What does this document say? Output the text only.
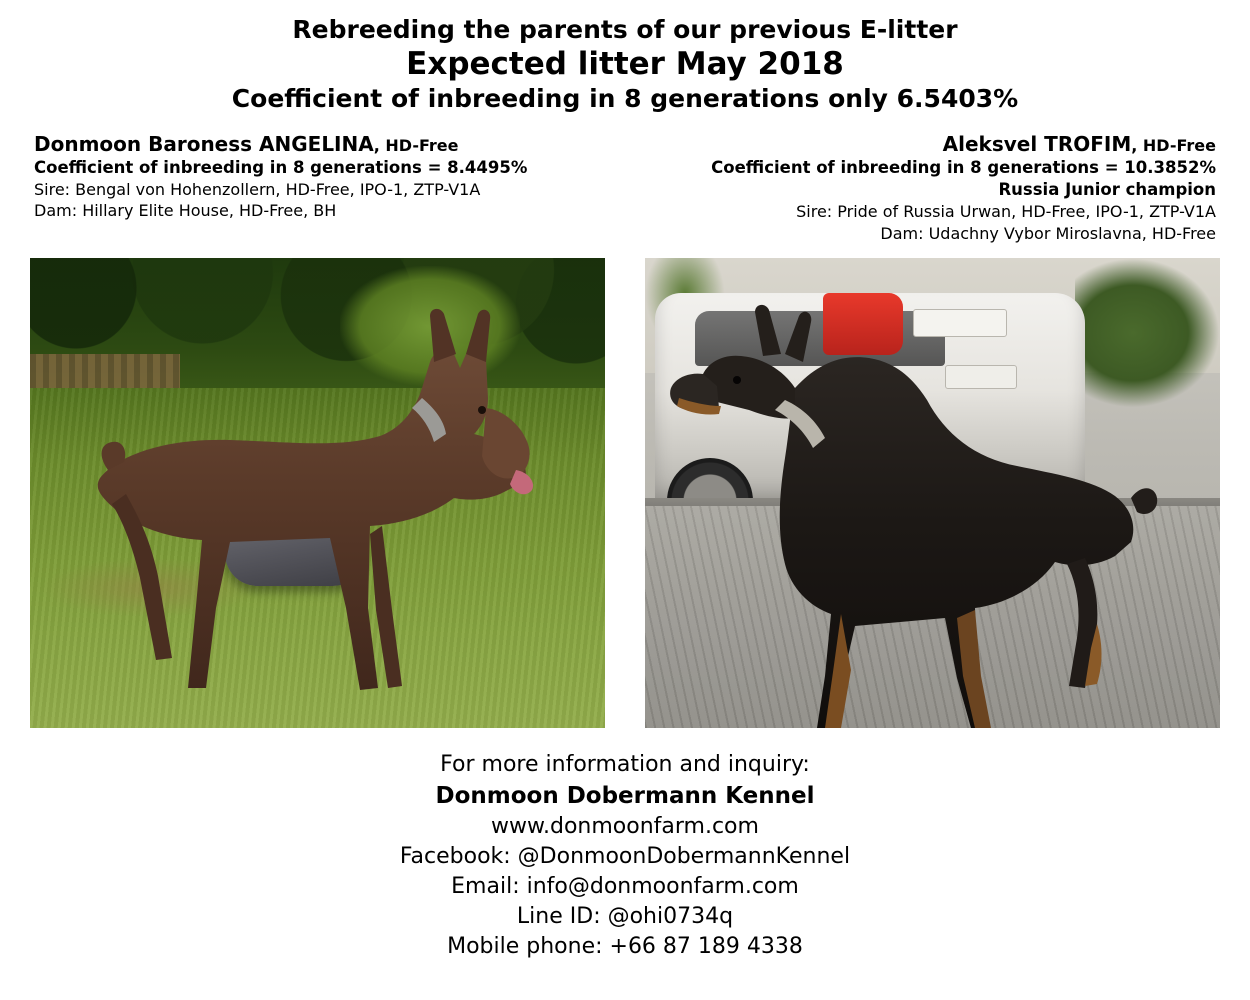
Rebreeding the parents of our previous E-litter
Expected litter May 2018
Coefficient of inbreeding in 8 generations only 6.5403%
Donmoon Baroness ANGELINA, HD-Free
Coefficient of inbreeding in 8 generations = 8.4495%
Sire: Bengal von Hohenzollern, HD-Free, IPO-1, ZTP-V1A
Dam: Hillary Elite House, HD-Free, BH
Aleksvel TROFIM, HD-Free
Coefficient of inbreeding in 8 generations = 10.3852%
Russia Junior champion
Sire: Pride of Russia Urwan, HD-Free, IPO-1, ZTP-V1A
Dam: Udachny Vybor Miroslavna, HD-Free
For more information and inquiry:
Donmoon Dobermann Kennel
www.donmoonfarm.com
Facebook: @DonmoonDobermannKennel
Email: info@donmoonfarm.com
Line ID: @ohi0734q
Mobile phone: +66 87 189 4338
